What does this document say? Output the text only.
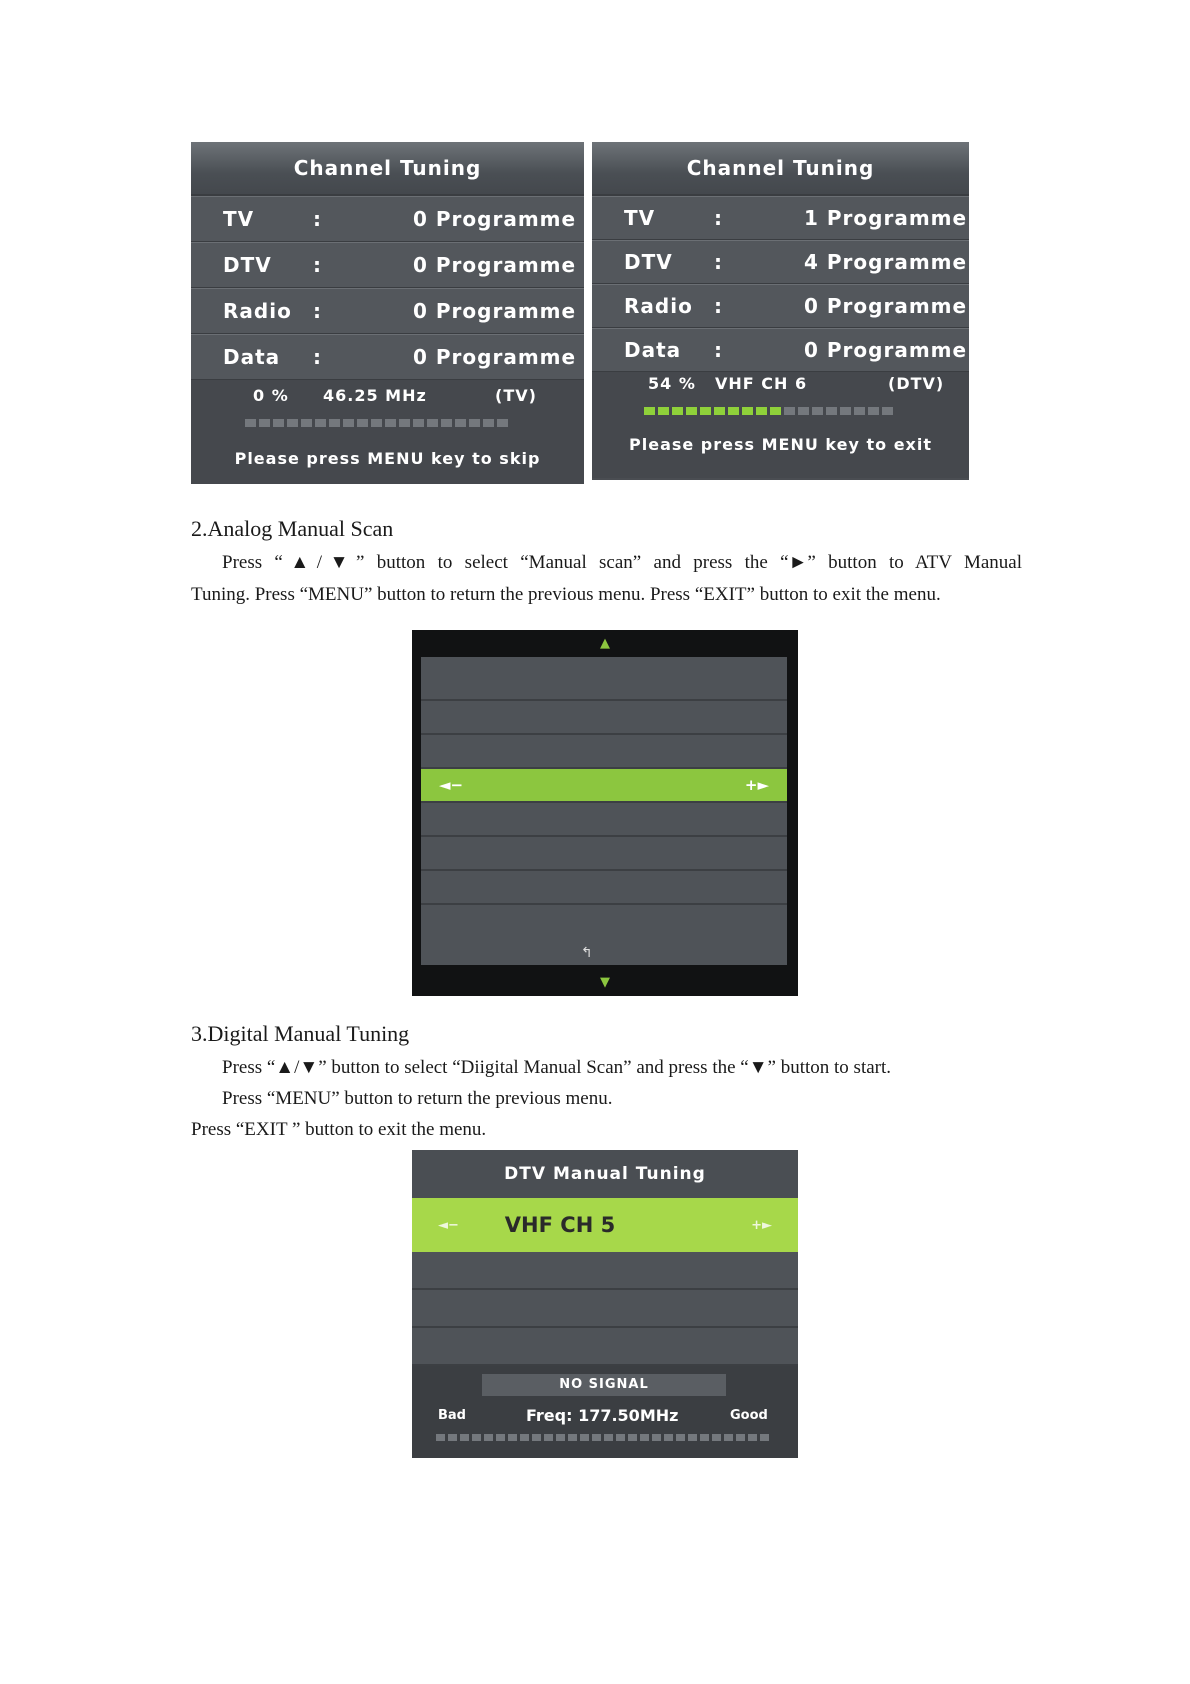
Channel Tuning
TV	:	0 Programme
DTV	:	0 Programme
Radio	:	0 Programme
Data	:	0 Programme
0 %	46.25 MHz	(TV)
Please press MENU key to skip
Channel Tuning
TV	:	1 Programme
DTV	:	4 Programme
Radio	:	0 Programme
Data	:	0 Programme
54 %	VHF CH 6	(DTV)
Please press MENU key to exit
2.Analog Manual Scan
Press “▲/▼” button to select “Manual scan” and press the “►” button to ATV Manual
Tuning. Press “MENU” button to return the previous menu. Press “EXIT” button to exit the menu.
▲
◄−	+►
↰
▼
3.Digital Manual Tuning
Press “▲/▼” button to select “Diigital Manual Scan” and press the “▼” button to start.
Press “MENU” button to return the previous menu.
Press “EXIT ” button to exit the menu.
DTV Manual Tuning
◄− VHF CH 5	+►
NO SIGNAL
Bad	Freq: 177.50MHz	Good
